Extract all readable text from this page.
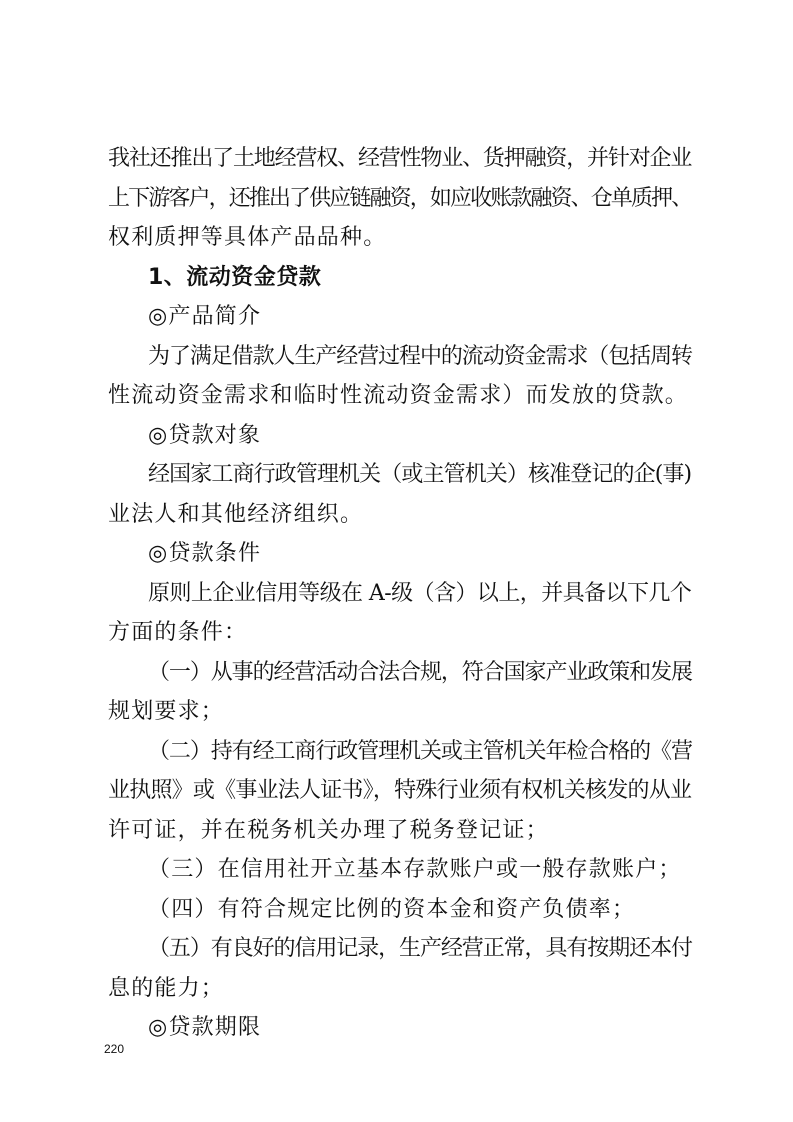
我社还推出了土地经营权、经营性物业、货押融资，并针对企业
上下游客户，还推出了供应链融资，如应收账款融资、仓单质押、
权利质押等具体产品品种。
1、流动资金贷款
◎产品简介
为了满足借款人生产经营过程中的流动资金需求（包括周转
性流动资金需求和临时性流动资金需求）而发放的贷款。
◎贷款对象
经国家工商行政管理机关（或主管机关）核准登记的企(事)
业法人和其他经济组织。
◎贷款条件
原则上企业信用等级在 A-级（含）以上，并具备以下几个
方面的条件：
（一）从事的经营活动合法合规，符合国家产业政策和发展
规划要求；
（二）持有经工商行政管理机关或主管机关年检合格的《营
业执照》或《事业法人证书》，特殊行业须有权机关核发的从业
许可证，并在税务机关办理了税务登记证；
（三）在信用社开立基本存款账户或一般存款账户；
（四）有符合规定比例的资本金和资产负债率；
（五）有良好的信用记录，生产经营正常，具有按期还本付
息的能力；
◎贷款期限
220
